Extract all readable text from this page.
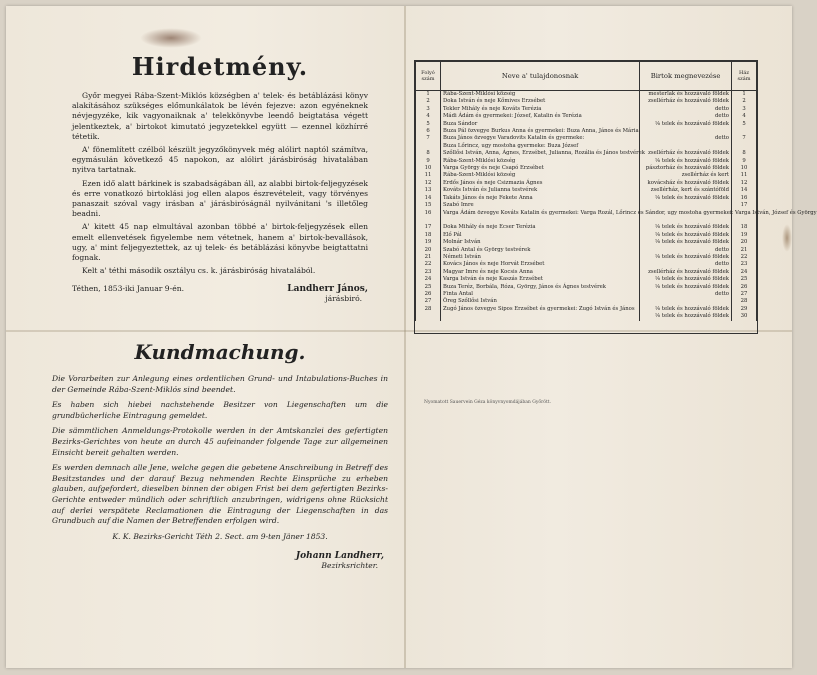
Hirdetmény.

Győr megyei Rába-Szent-Miklós községben a' telek- és betáblázási könyv alakításához szükséges előmunkálatok be lévén fejezve: azon egyéneknek névjegyzéke, kik vagyonaiknak a' telekkönyvbe leendő beigtatása végett jelentkeztek, a' birtokot kimutató jegyzetekkel együtt — ezennel közhírré tétetik.

A' fönemlített czélból készült jegyzőkönyvek még alólirt naptól számítva, egymásulán következő 45 napokon, az alólirt járásbiróság hivatalában nyitva tartatnak.

Ezen idő alatt bárkinek is szabadságában áll, az alabbi birtok-feljegyzések és erre vonatkozó birtoklási jog ellen alapos észrevételeit, vagy törvényes panaszait szóval vagy irásban a' járásbiróságnál nyilvánitani 's illetőleg beadni.

A' kitett 45 nap elmultával azonban többé a' birtok-feljegyzések ellen emelt ellenvetések figyelembe nem vétetnek, hanem a' birtok-bevallások, ugy, a' mint feljegyeztettek, az uj telek- és betáblázási könyvbe beigtattatni fognak.

Kelt a' téthi második osztályu cs. k. járásbiróság hivatalából.

Téthen, 1853-iki Januar 9-én.	Landherr János,
járásbiró.
Kundmachung.

Die Vorarbeiten zur Anlegung eines ordentlichen Grund- und Intabulations-Buches in der Gemeinde Rába-Szent-Miklós sind beendet.

Es haben sich hiebei nachstehende Besitzer von Liegenschaften um die grundbücherliche Eintragung gemeldet.

Die sämmtlichen Anmeldungs-Protokolle werden in der Amtskanzlei des gefertigten Bezirks-Gerichtes von heute an durch 45 aufeinander folgende Tage zur allgemeinen Einsicht bereit gehalten werden.

Es werden demnach alle Jene, welche gegen die gebetene Anschreibung in Betreff des Besitzstandes und der darauf Bezug nehmenden Rechte Einsprüche zu erheben glauben, aufgefordert, dieselben binnen der obigen Frist bei dem gefertigten Bezirks-Gerichte entweder mündlich oder schriftlich anzubringen, widrigens ohne Rücksicht auf derlei verspätete Reclamationen die Eintragung der Liegenschaften in das Grundbuch auf die Namen der Betreffenden erfolgen wird.

K. K. Bezirks-Gericht Téth 2. Sect. am 9-ten Jäner 1853.
Johann Landherr,
Bezirksrichter.
Folyó szám	Neve a' tulajdonosnak	Birtok megnevezése	Ház szám
1	Rába-Szent-Miklósi község	mesterlak és hozzávaló földek	1
2	Doka István és neje Kőmives Erzsébet	zsellérház és hozzávaló földek	2
3	Tekler Mihály és neje Kováts Terézia	detto	3
4	Mádi Ádám és gyermekei: József, Katalin és Terézia	detto	4
5	Buza Sándor	⅛ telek és hozzávaló földek	5
6	Buza Pál özvegye Burkus Anna és gyermekei: Buza Anna, János és Mária		
7	Buza János özvegye Varadovits Katalin és gyermeke:	detto	7
	Buza Lőrincz, ugy mostoha gyermeke: Buza József		
8	Szőllősi István, Anna, Ágnes, Erzsébet, Julianna, Rozália és János testvérek	zsellérház és hozzávaló földek	8
9	Rába-Szent-Miklósi község	⅛ telek és hozzávaló földek	9
10	Varga György és neje Csapó Erzsébet	pásztorház és hozzávaló földek	10
11	Rába-Szent-Miklósi község	zsellérház és kert	11
12	Erdős János és neje Csizmazia Ágnes	kovácsház és hozzávaló földek	12
13	Kováts István és Julianna testvérek	zsellérház, kert és szántóföld	14
14	Takáts János és neje Fekete Anna	⅛ telek és hozzávaló földek	16
15	Szabó Imre		17
16	Varga Ádám özvegye Kováts Katalin és gyermekei: Varga Rozál, Lőrincz és Sándor, ugy mostoha gyermekei: Varga István, József és György		

17	Doka Mihály és neje Ecser Terézia	⅛ telek és hozzávaló földek	18
18	Elő Pál	⅛ telek és hozzávaló földek	19
19	Molnár István	⅛ telek és hozzávaló földek	20
20	Szabó Antal és György testvérek	detto	21
21	Németi István	⅛ telek és hozzávaló földek	22
22	Kovács János és neje Horvát Erzsébet	detto	23
23	Magyar Imre és neje Kocsis Anna	zsellérház és hozzávaló földek	24
24	Varga István és neje Kaszás Erzsébet	⅛ telek és hozzávaló földek	25
25	Buza Teréz, Borbála, Róza, György, János és Ágnes testvérek	⅛ telek és hozzávaló földek	26
26	Finta Antal	detto	27
27	Öreg Szőllősi István		28
28	Zugó János özvegye Sipos Erzsébet és gyermekei: Zugó István és János	⅛ telek és hozzávaló földek	29
		⅛ telek és hozzávaló földek	30
Nyomatott Sauervein Géza könyvnyomdájában Győrött.
